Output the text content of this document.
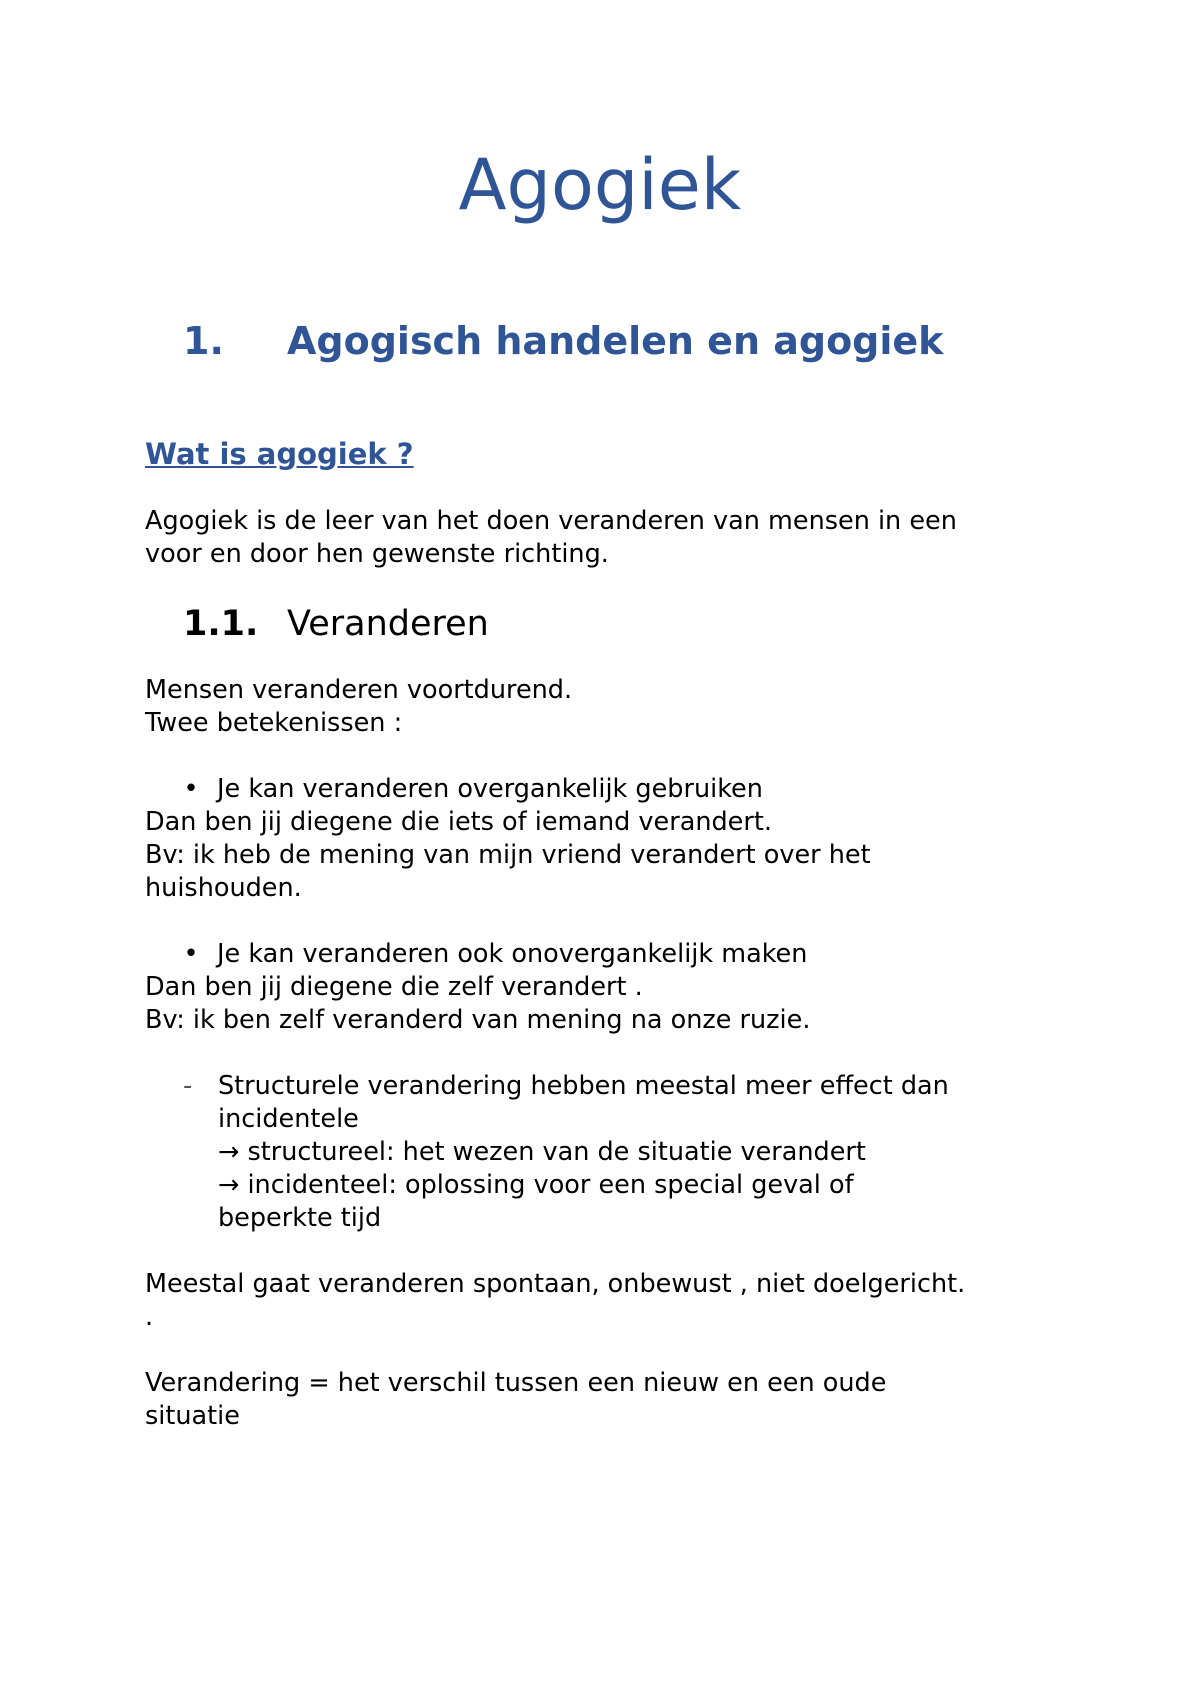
Agogiek
1. Agogisch handelen en agogiek
Wat is agogiek ?
Agogiek is de leer van het doen veranderen van mensen in een
voor en door hen gewenste richting.
1.1. Veranderen
Mensen veranderen voortdurend.
Twee betekenissen :
• Je kan veranderen overgankelijk gebruiken
Dan ben jij diegene die iets of iemand verandert.
Bv: ik heb de mening van mijn vriend verandert over het
huishouden.
• Je kan veranderen ook onovergankelijk maken
Dan ben jij diegene die zelf verandert .
Bv: ik ben zelf veranderd van mening na onze ruzie.
- Structurele verandering hebben meestal meer effect dan
incidentele
→ structureel: het wezen van de situatie verandert
→ incidenteel: oplossing voor een special geval of
beperkte tijd
Meestal gaat veranderen spontaan, onbewust , niet doelgericht.
.
Verandering = het verschil tussen een nieuw en een oude
situatie
